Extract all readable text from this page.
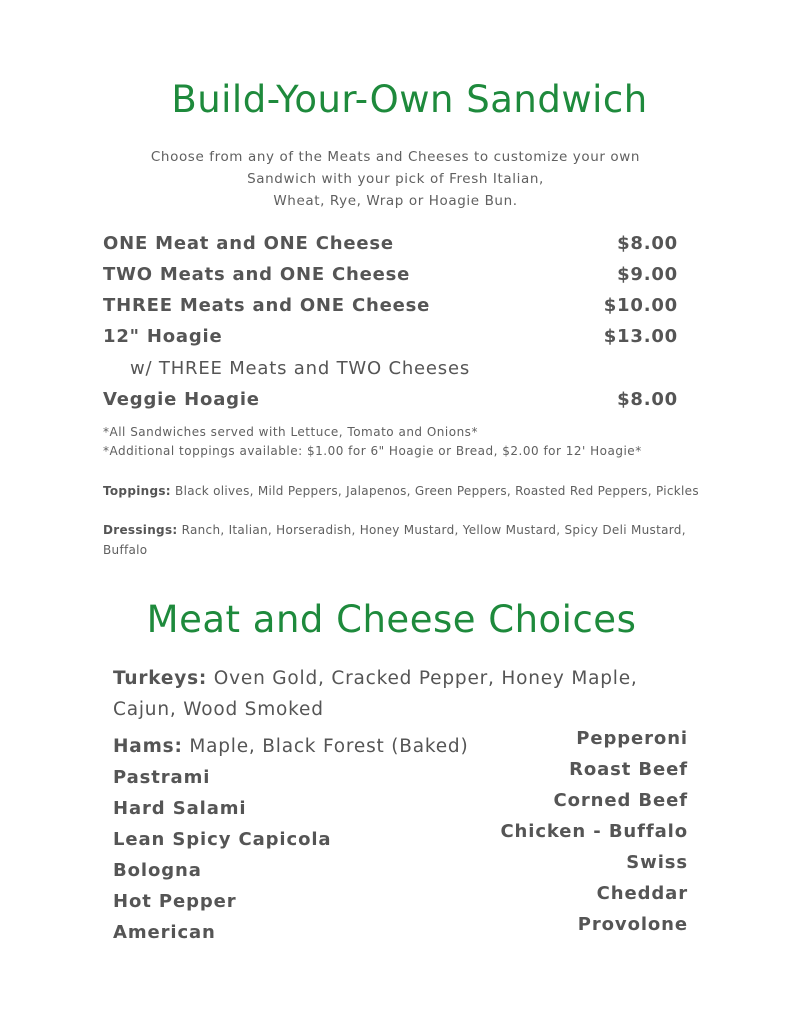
Build-Your-Own Sandwich
Choose from any of the Meats and Cheeses to customize your own
Sandwich with your pick of Fresh Italian,
Wheat, Rye, Wrap or Hoagie Bun.
ONE Meat and ONE Cheese	$8.00
TWO Meats and ONE Cheese	$9.00
THREE Meats and ONE Cheese	$10.00
12" Hoagie	$13.00
w/ THREE Meats and TWO Cheeses
Veggie Hoagie	$8.00
*All Sandwiches served with Lettuce, Tomato and Onions*
*Additional toppings available: $1.00 for 6" Hoagie or Bread, $2.00 for 12' Hoagie*
Toppings: Black olives, Mild Peppers, Jalapenos, Green Peppers, Roasted Red Peppers, Pickles
Dressings: Ranch, Italian, Horseradish, Honey Mustard, Yellow Mustard, Spicy Deli Mustard, Buffalo
Meat and Cheese Choices
Turkeys: Oven Gold, Cracked Pepper, Honey Maple,
Cajun, Wood Smoked
Hams: Maple, Black Forest (Baked)
Pastrami
Hard Salami
Lean Spicy Capicola
Bologna
Hot Pepper
American
Pepperoni
Roast Beef
Corned Beef
Chicken - Buffalo
Swiss
Cheddar
Provolone
